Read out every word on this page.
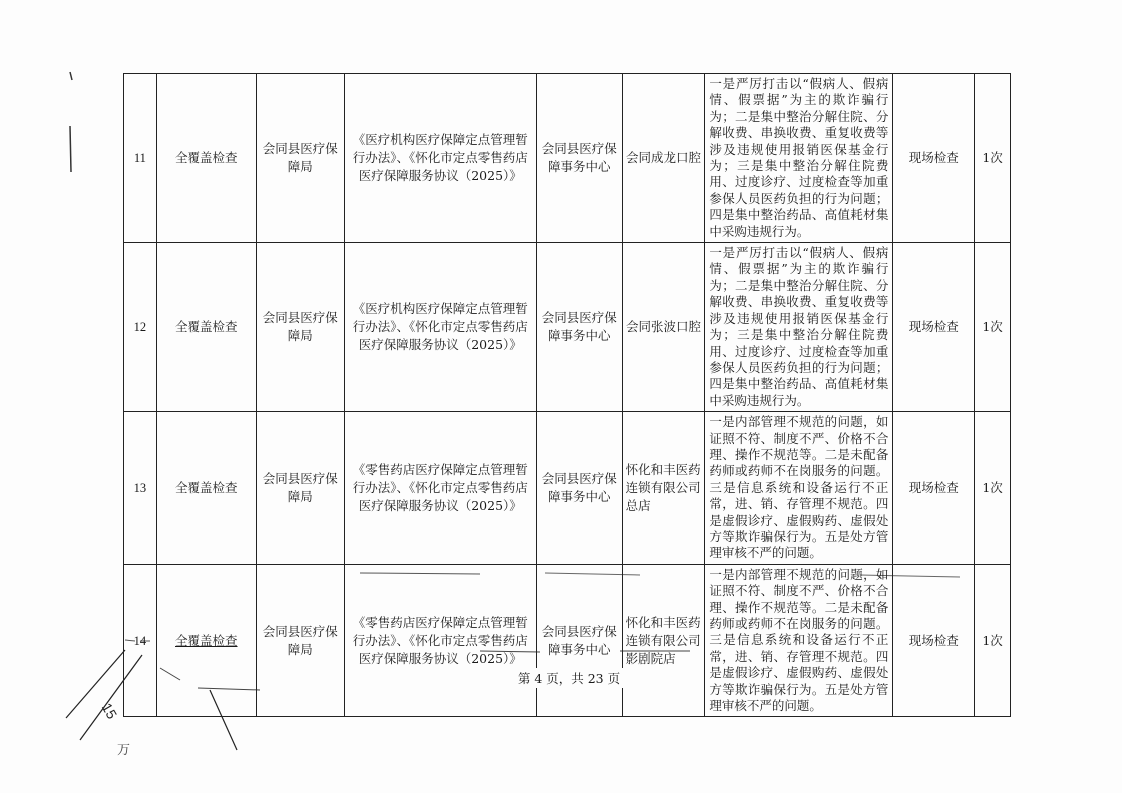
11	全覆盖检查	会同县医疗保障局	《医疗机构医疗保障定点管理暂行办法》、《怀化市定点零售药店医疗保障服务协议（2025）》	会同县医疗保障事务中心	会同成龙口腔	一是严厉打击以“假病人、假病情、假票据”为主的欺诈骗行为；二是集中整治分解住院、分解收费、串换收费、重复收费等涉及违规使用报销医保基金行为；三是集中整治分解住院费用、过度诊疗、过度检查等加重参保人员医药负担的行为问题；四是集中整治药品、高值耗材集中采购违规行为。	现场检查	1次
12	全覆盖检查	会同县医疗保障局	《医疗机构医疗保障定点管理暂行办法》、《怀化市定点零售药店医疗保障服务协议（2025）》	会同县医疗保障事务中心	会同张波口腔	一是严厉打击以“假病人、假病情、假票据”为主的欺诈骗行为；二是集中整治分解住院、分解收费、串换收费、重复收费等涉及违规使用报销医保基金行为；三是集中整治分解住院费用、过度诊疗、过度检查等加重参保人员医药负担的行为问题；四是集中整治药品、高值耗材集中采购违规行为。	现场检查	1次
13	全覆盖检查	会同县医疗保障局	《零售药店医疗保障定点管理暂行办法》、《怀化市定点零售药店医疗保障服务协议（2025）》	会同县医疗保障事务中心	怀化和丰医药连锁有限公司总店	一是内部管理不规范的问题，如证照不符、制度不严、价格不合理、操作不规范等。二是未配备药师或药师不在岗服务的问题。三是信息系统和设备运行不正常，进、销、存管理不规范。四是虚假诊疗、虚假购药、虚假处方等欺诈骗保行为。五是处方管理审核不严的问题。	现场检查	1次
14	全覆盖检查	会同县医疗保障局	《零售药店医疗保障定点管理暂行办法》、《怀化市定点零售药店医疗保障服务协议（2025）》	会同县医疗保障事务中心	怀化和丰医药连锁有限公司影剧院店	一是内部管理不规范的问题，如证照不符、制度不严、价格不合理、操作不规范等。二是未配备药师或药师不在岗服务的问题。三是信息系统和设备运行不正常，进、销、存管理不规范。四是虚假诊疗、虚假购药、虚假处方等欺诈骗保行为。五是处方管理审核不严的问题。	现场检查	1次
第 4 页，共 23 页
15
万
